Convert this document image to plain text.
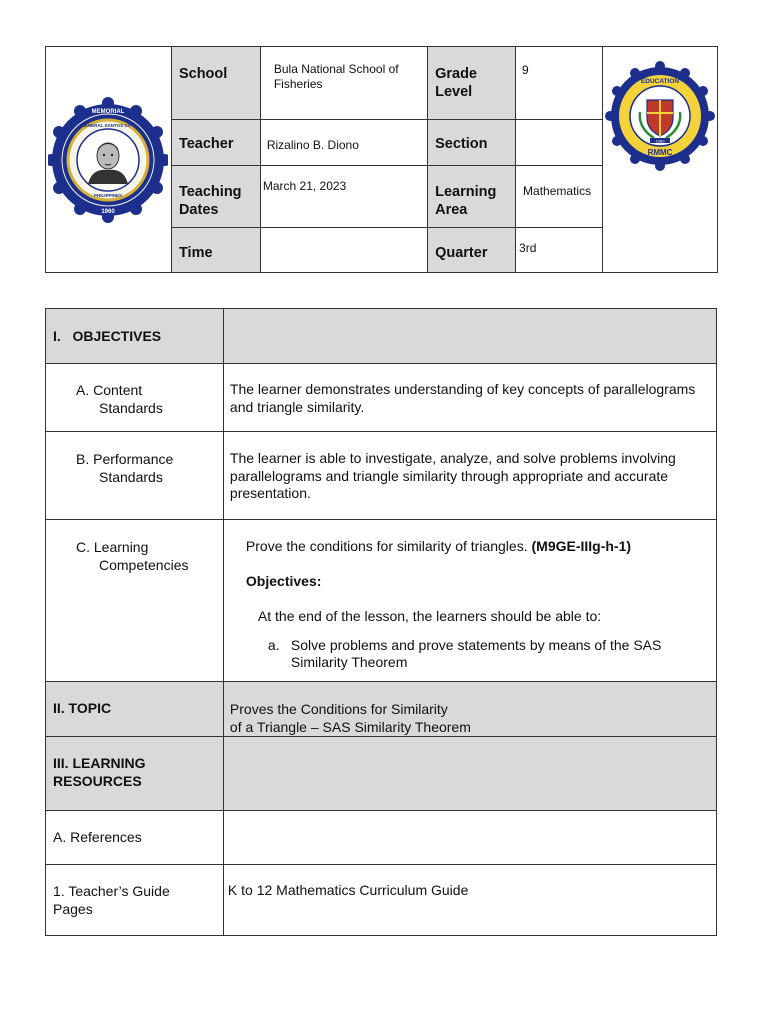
MEMORIAL
1960
GENERAL SANTOS CITY
PHILIPPINES	School	Bula National School of Fisheries	Grade Level	9	1960
EDUCATION
RMMC

	Teacher	Rizalino B. Diono	Section		

	Teaching Dates	March 21, 2023	Learning Area	Mathematics	

	Time		Quarter	3rd	
I.   OBJECTIVES	

A. Content Standards	The learner demonstrates understanding of key concepts of parallelograms and triangle similarity.

B. Performance Standards	The learner is able to investigate, analyze, and solve problems involving parallelograms and triangle similarity through appropriate and accurate presentation.

C. Learning Competencies	Prove the conditions for similarity of triangles. (M9GE-IIIg-h-1)
Objectives:
At the end of the lesson, the learners should be able to:
a. Solve problems and prove statements by means of the SAS Similarity Theorem

II. TOPIC	Proves the Conditions for Similarity
of a Triangle – SAS Similarity Theorem

III. LEARNING RESOURCES	

A. References	

1. Teacher’s Guide Pages	K to 12 Mathematics Curriculum Guide
